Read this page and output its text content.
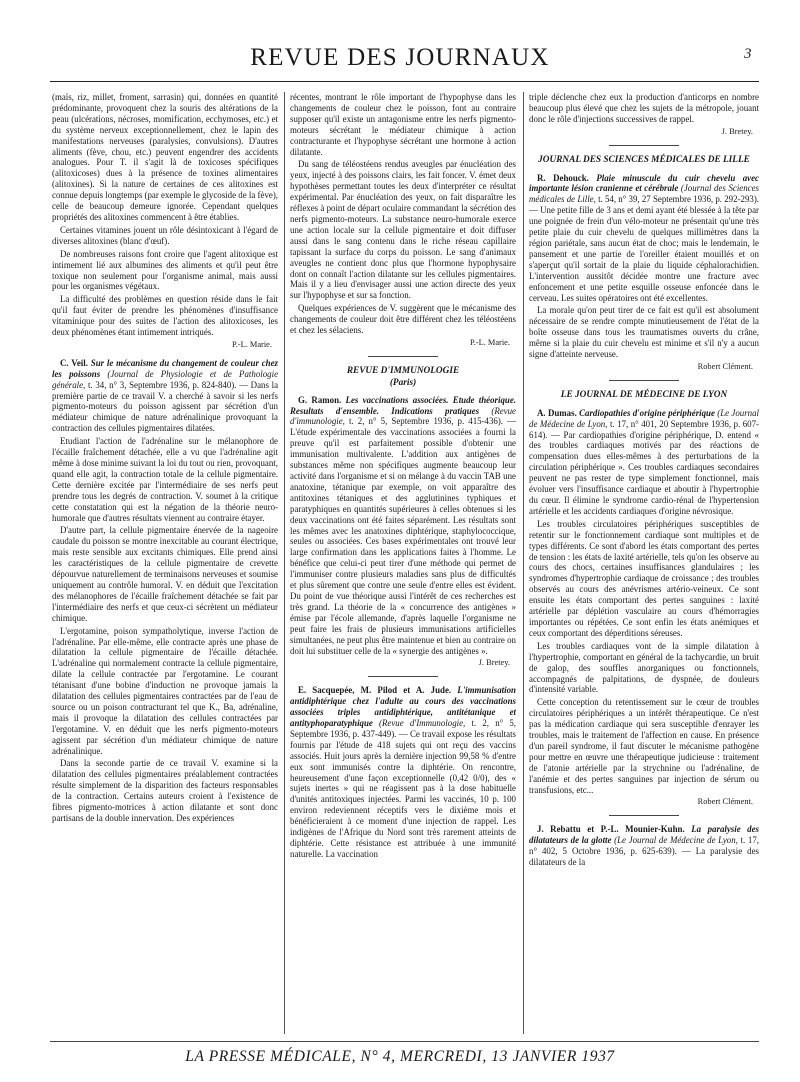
REVUE DES JOURNAUX	3

(maïs, riz, millet, froment, sarrasin) qui, données en quantité prédominante, provoquent chez la souris des altérations de la peau (ulcérations, nécroses, momification, ecchymoses, etc.) et du système nerveux exceptionnellement, chez le lapin des manifestations nerveuses (paralysies, convulsions). D'autres aliments (fève, chou, etc.) peuvent engendrer des accidents analogues. Pour T. il s'agit là de toxicoses spécifiques (alitoxicoses) dues à la présence de toxines alimentaires (alitoxines). Si la nature de certaines de ces alitoxines est connue depuis longtemps (par exemple le glycoside de la fève), celle de beaucoup demeure ignorée. Cependant quelques propriétés des alitoxines commencent à être établies.

Certaines vitamines jouent un rôle désintoxicant à l'égard de diverses alitoxines (blanc d'œuf).

De nombreuses raisons font croire que l'agent alitoxique est intimement lié aux albumines des aliments et qu'il peut être toxique non seulement pour l'organisme animal, mais aussi pour les organismes végétaux.

La difficulté des problèmes en question réside dans le fait qu'il faut éviter de prendre les phénomènes d'insuffisance vitaminique pour des suites de l'action des alitoxicoses, les deux phénomènes étant intimement intriqués.

P.-L. Marie.

C. Veil. Sur le mécanisme du changement de couleur chez les poissons (Journal de Physiologie et de Pathologie générale, t. 34, n° 3, Septembre 1936, p. 824-840). — Dans la première partie de ce travail V. a cherché à savoir si les nerfs pigmento-moteurs du poisson agissent par sécrétion d'un médiateur chimique de nature adrénalinique provoquant la contraction des cellules pigmentaires dilatées.

Etudiant l'action de l'adrénaline sur le mélanophore de l'écaille fraîchement détachée, elle a vu que l'adrénaline agit même à dose minime suivant la loi du tout ou rien, provoquant, quand elle agit, la contraction totale de la cellule pigmentaire. Cette dernière excitée par l'intermédiaire de ses nerfs peut prendre tous les degrés de contraction. V. soumet à la critique cette constatation qui est la négation de la théorie neuro-humorale que d'autres résultats viennent au contraire étayer.

D'autre part, la cellule pigmentaire énervée de la nageoire caudale du poisson se montre inexcitable au courant électrique, mais reste sensible aux excitants chimiques. Elle prend ainsi les caractéristiques de la cellule pigmentaire de crevette dépourvue naturellement de terminaisons nerveuses et soumise uniquement au contrôle humoral. V. en déduit que l'excitation des mélanophores de l'écaille fraîchement détachée se fait par l'intermédiaire des nerfs et que ceux-ci sécrètent un médiateur chimique.

L'ergotamine, poison sympatholytique, inverse l'action de l'adrénaline. Par elle-même, elle contracte après une phase de dilatation la cellule pigmentaire de l'écaille détachée. L'adrénaline qui normalement contracte la cellule pigmentaire, dilate la cellule contractée par l'ergotamine. Le courant tétanisant d'une bobine d'induction ne provoque jamais la dilatation des cellules pigmentaires contractées par de l'eau de source ou un poison contracturant tel que K., Ba, adrénaline, mais il provoque la dilatation des cellules contractées par l'ergotamine. V. en déduit que les nerfs pigmento-moteurs agissent par sécrétion d'un médiateur chimique de nature adrénalinique.

Dans la seconde partie de ce travail V. examine si la dilatation des cellules pigmentaires préalablement contractées résulte simplement de la disparition des facteurs responsables de la contraction. Certains auteurs croient à l'existence de fibres pigmento-motrices à action dilatante et sont donc partisans de la double innervation. Des expériences

récentes, montrant le rôle important de l'hypophyse dans les changements de couleur chez le poisson, font au contraire supposer qu'il existe un antagonisme entre les nerfs pigmento-moteurs sécrétant le médiateur chimique à action contracturante et l'hypophyse sécrétant une hormone à action dilatante.

Du sang de téléostéens rendus aveugles par énucléation des yeux, injecté à des poissons clairs, les fait foncer. V. émet deux hypothèses permettant toutes les deux d'interpréter ce résultat expérimental. Par énucléation des yeux, on fait disparaître les réflexes à point de départ oculaire commandant la sécrétion des nerfs pigmento-moteurs. La substance neuro-humorale exerce une action locale sur la cellule pigmentaire et doit diffuser aussi dans le sang contenu dans le riche réseau capillaire tapissant la surface du corps du poisson. Le sang d'animaux aveugles ne contient donc plus que l'hormone hypophysaire dont on connaît l'action dilatante sur les cellules pigmentaires. Mais il y a lieu d'envisager aussi une action directe des yeux sur l'hypophyse et sur sa fonction.

Quelques expériences de V. suggèrent que le mécanisme des changements de couleur doit être différent chez les téléostéens et chez les sélaciens.

P.-L. Marie.
REVUE D'IMMUNOLOGIE
(Paris)

G. Ramon. Les vaccinations associées. Etude théorique. Resultats d'ensemble. Indications pratiques (Revue d'immunologie, t. 2, n° 5, Septembre 1936, p. 415-436). — L'étude expérimentale des vaccinations associées a fourni la preuve qu'il est parfaitement possible d'obtenir une immunisation multivalente. L'addition aux antigènes de substances même non spécifiques augmente beaucoup leur activité dans l'organisme et si on mélange à du vaccin TAB une anatoxine, tétanique par exemple, on voit apparaître des antitoxines tétaniques et des agglutinines typhiques et paratyphiques en quantités supérieures à celles obtenues si les deux vaccinations ont été faites séparément. Les résultats sont les mêmes avec les anatoxines diphtérique, staphylococcique, seules ou associées. Ces bases expérimentales ont trouvé leur large confirmation dans les applications faites à l'homme. Le bénéfice que celui-ci peut tirer d'une méthode qui permet de l'immuniser contre plusieurs maladies sans plus de difficultés et plus sûrement que contre une seule d'entre elles est évident. Du point de vue théorique aussi l'intérêt de ces recherches est très grand. La théorie de la « concurrence des antigènes » émise par l'école allemande, d'après laquelle l'organisme ne peut faire les frais de plusieurs immunisations artificielles simultanées, ne peut plus être maintenue et bien au contraire on doit lui substituer celle de la « synergie des antigènes ».

J. Bretey.

E. Sacquepée, M. Pilod et A. Jude. L'immunisation antidiphtérique chez l'adulte au cours des vaccinations associées triples antidiphtérique, antitétanique et antityphoparatyphique (Revue d'Immunologie, t. 2, n° 5, Septembre 1936, p. 437-449). — Ce travail expose les résultats fournis par l'étude de 418 sujets qui ont reçu des vaccins associés. Huit jours après la dernière injection 99,58 % d'entre eux sont immunisés contre la diphtérie. On rencontre, heureusement d'une façon exceptionnelle (0,42 0/0), des « sujets inertes » qui ne réagissent pas à la dose habituelle d'unités antitoxiques injectées. Parmi les vaccinés, 10 p. 100 environ redeviennent réceptifs vers le dixième mois et bénéficieraient à ce moment d'une injection de rappel. Les indigènes de l'Afrique du Nord sont très rarement atteints de diphtérie. Cette résistance est attribuée à une immunité naturelle. La vaccination

triple déclenche chez eux la production d'anticorps en nombre beaucoup plus élevé que chez les sujets de la métropole, jouant donc le rôle d'injections successives de rappel.

J. Bretey.
JOURNAL DES SCIENCES MÉDICALES DE LILLE

R. Dehouck. Plaie minuscule du cuir chevelu avec importante lésion cranienne et cérébrale (Journal des Sciences médicales de Lille, t. 54, n° 39, 27 Septembre 1936, p. 292-293). — Une petite fille de 3 ans et demi ayant été blessée à la tête par une poignée de frein d'un vélo-moteur ne présentait qu'une très petite plaie du cuir chevelu de quelques millimètres dans la région pariétale, sans aucun état de choc; mais le lendemain, le pansement et une partie de l'oreiller étaient mouillés et on s'aperçut qu'il sortait de la plaie du liquide céphalorachidien. L'intervention aussitôt décidée montre une fracture avec enfoncement et une petite esquille osseuse enfoncée dans le cerveau. Les suites opératoires ont été excellentes.

La morale qu'on peut tirer de ce fait est qu'il est absolument nécessaire de se rendre compte minutieusement de l'état de la boîte osseuse dans tous les traumatismes ouverts du crâne, même si la plaie du cuir chevelu est minime et s'il n'y a aucun signe d'atteinte nerveuse.

Robert Clément.
LE JOURNAL DE MÉDECINE DE LYON

A. Dumas. Cardiopathies d'origine périphérique (Le Journal de Médecine de Lyon, t. 17, n° 401, 20 Septembre 1936, p. 607-614). — Par cardiopathies d'origine périphérique, D. entend « des troubles cardiaques motivés par des réactions de compensation dues elles-mêmes à des perturbations de la circulation périphérique ». Ces troubles cardiaques secondaires peuvent ne pas rester de type simplement fonctionnel, mais évoluer vers l'insuffisance cardiaque et aboutir à l'hypertrophie du cœur. Il élimine le syndrome cardio-rénal de l'hypertension artérielle et les accidents cardiaques d'origine névrosique.

Les troubles circulatoires périphériques susceptibles de retentir sur le fonctionnement cardiaque sont multiples et de types différents. Ce sont d'abord les états comportant des pertes de tension : les états de laxité artérielle, tels qu'on les observe au cours des chocs, certaines insuffisances glandulaires ; les syndromes d'hypertrophie cardiaque de croissance ; des troubles observés au cours des anévrismes artério-veineux. Ce sont ensuite les états comportant des pertes sanguines : laxité artérielle par déplétion vasculaire au cours d'hémorragies importantes ou répétées. Ce sont enfin les états anémiques et ceux comportant des déperditions séreuses.

Les troubles cardiaques vont de la simple dilatation à l'hypertrophie, comportant en général de la tachycardie, un bruit de galop, des souffles anorganiques ou fonctionnels, accompagnés de palpitations, de dyspnée, de douleurs d'intensité variable.

Cette conception du retentissement sur le cœur de troubles circulatoires périphériques a un intérêt thérapeutique. Ce n'est pas la médication cardiaque qui sera susceptible d'enrayer les troubles, mais le traitement de l'affection en cause. En présence d'un pareil syndrome, il faut discuter le mécanisme pathogène pour mettre en œuvre une thérapeutique judicieuse : traitement de l'atonie artérielle par la strychnine ou l'adrénaline, de l'anémie et des pertes sanguines par injection de sérum ou transfusions, etc...

Robert Clément.

J. Rebattu et P.-L. Mounier-Kuhn. La paralysie des dilatateurs de la glotte (Le Journal de Médecine de Lyon, t. 17, n° 402, 5 Octobre 1936, p. 625-639). — La paralysie des dilatateurs de la

LA PRESSE MÉDICALE, N° 4, MERCREDI, 13 JANVIER 1937
